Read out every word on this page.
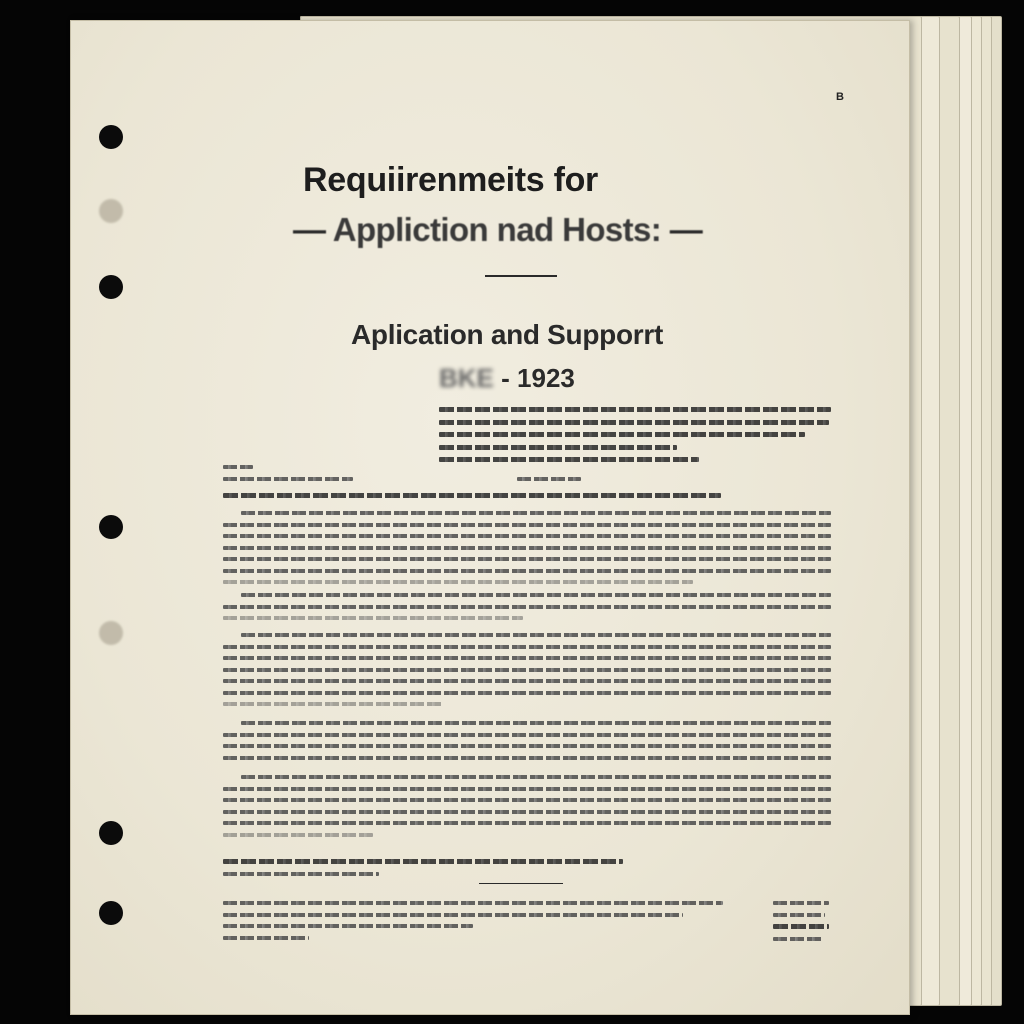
B
Requiirenmeits for
— Appliction nad Hosts: —
Aplication and Supporrt
BKE - 1923
